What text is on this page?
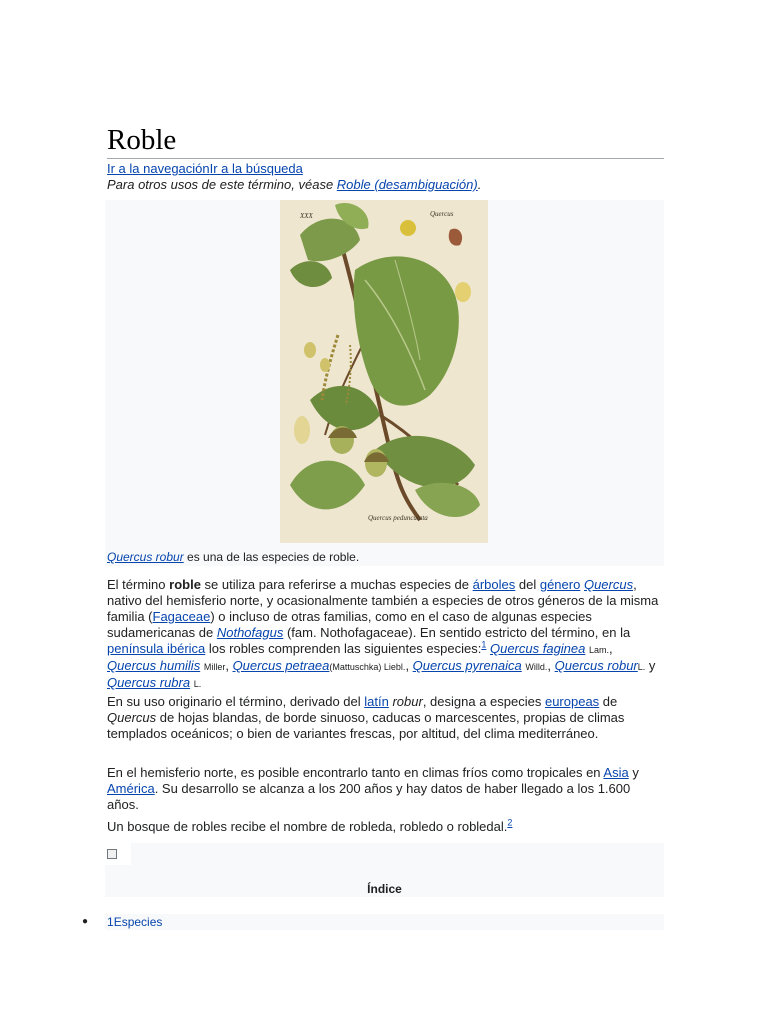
Roble
Ir a la navegaciónIr a la búsqueda
Para otros usos de este término, véase Roble (desambiguación).
XXX	Quercus
Quercus pedunculata
Quercus robur es una de las especies de roble.

El término roble se utiliza para referirse a muchas especies de árboles del género Quercus, nativo del hemisferio norte, y ocasionalmente también a especies de otros géneros de la misma familia (Fagaceae) o incluso de otras familias, como en el caso de algunas especies sudamericanas de Nothofagus (fam. Nothofagaceae). En sentido estricto del término, en la península ibérica los robles comprenden las siguientes especies:$^1$ Quercus faginea Lam., Quercus humilis Miller, Quercus petraea(Mattuschka) Liebl., Quercus pyrenaica Willd., Quercus roburL. y Quercus rubra L.

En su uso originario el término, derivado del latín robur, designa a especies europeas de Quercus de hojas blandas, de borde sinuoso, caducas o marcescentes, propias de climas templados oceánicos; o bien de variantes frescas, por altitud, del clima mediterráneo.

En el hemisferio norte, es posible encontrarlo tanto en climas fríos como tropicales en Asia y América. Su desarrollo se alcanza a los 200 años y hay datos de haber llegado a los 1.600 años.

Un bosque de robles recibe el nombre de robleda, robledo o robledal.$^2$

Índice
● 1Especies
